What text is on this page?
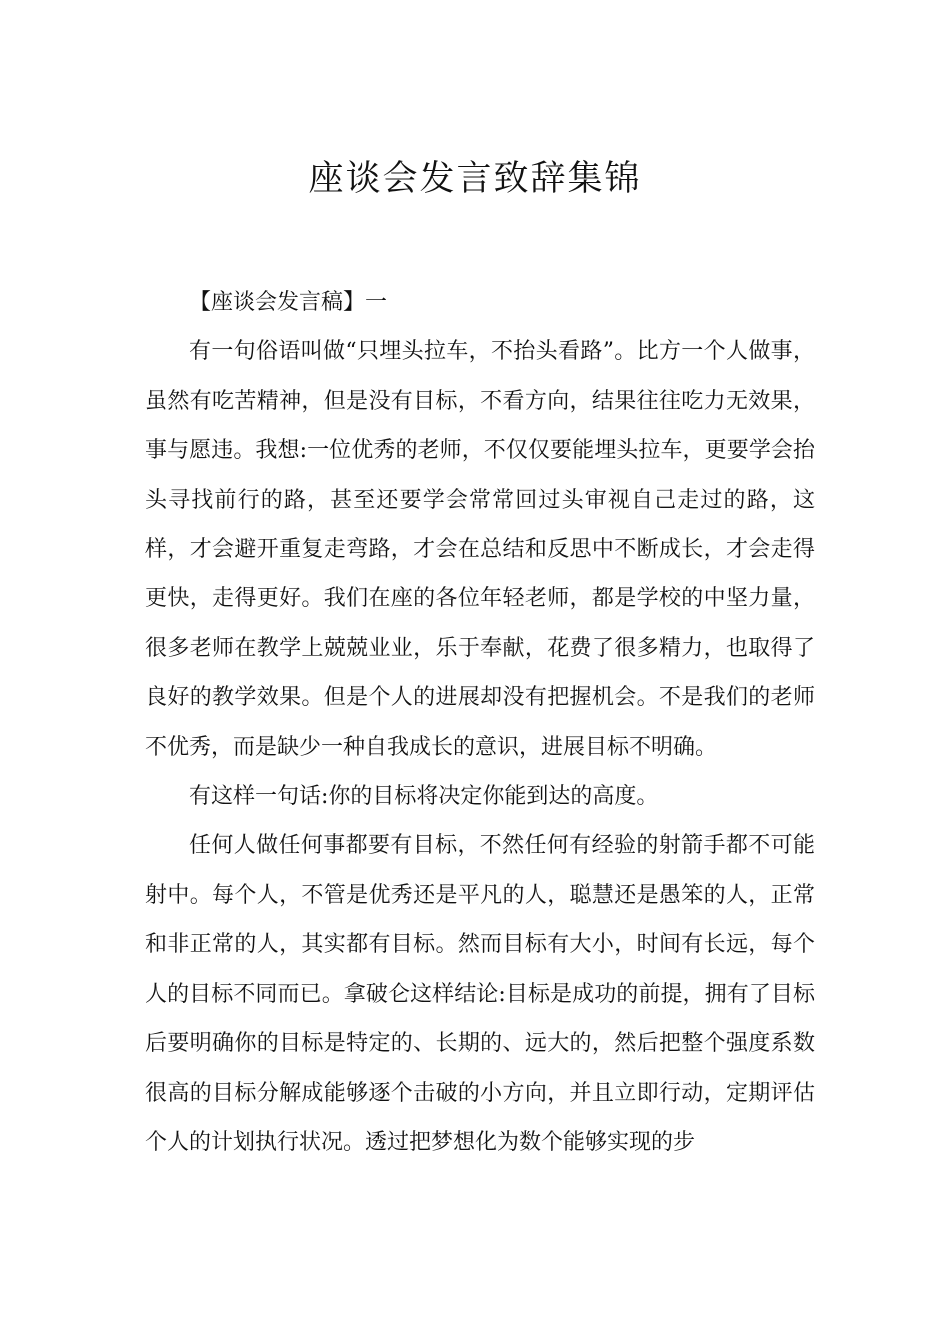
座谈会发言致辞集锦

【座谈会发言稿】一

有一句俗语叫做“只埋头拉车，不抬头看路”。比方一个人做事，虽然有吃苦精神，但是没有目标，不看方向，结果往往吃力无效果，事与愿违。我想:一位优秀的老师，不仅仅要能埋头拉车，更要学会抬头寻找前行的路，甚至还要学会常常回过头审视自己走过的路，这样，才会避开重复走弯路，才会在总结和反思中不断成长，才会走得更快，走得更好。我们在座的各位年轻老师，都是学校的中坚力量，很多老师在教学上兢兢业业，乐于奉献，花费了很多精力，也取得了良好的教学效果。但是个人的进展却没有把握机会。不是我们的老师不优秀，而是缺少一种自我成长的意识，进展目标不明确。

有这样一句话:你的目标将决定你能到达的高度。

任何人做任何事都要有目标，不然任何有经验的射箭手都不可能射中。每个人，不管是优秀还是平凡的人，聪慧还是愚笨的人，正常和非正常的人，其实都有目标。然而目标有大小，时间有长远，每个人的目标不同而已。拿破仑这样结论:目标是成功的前提，拥有了目标后要明确你的目标是特定的、长期的、远大的，然后把整个强度系数很高的目标分解成能够逐个击破的小方向，并且立即行动，定期评估个人的计划执行状况。透过把梦想化为数个能够实现的步
